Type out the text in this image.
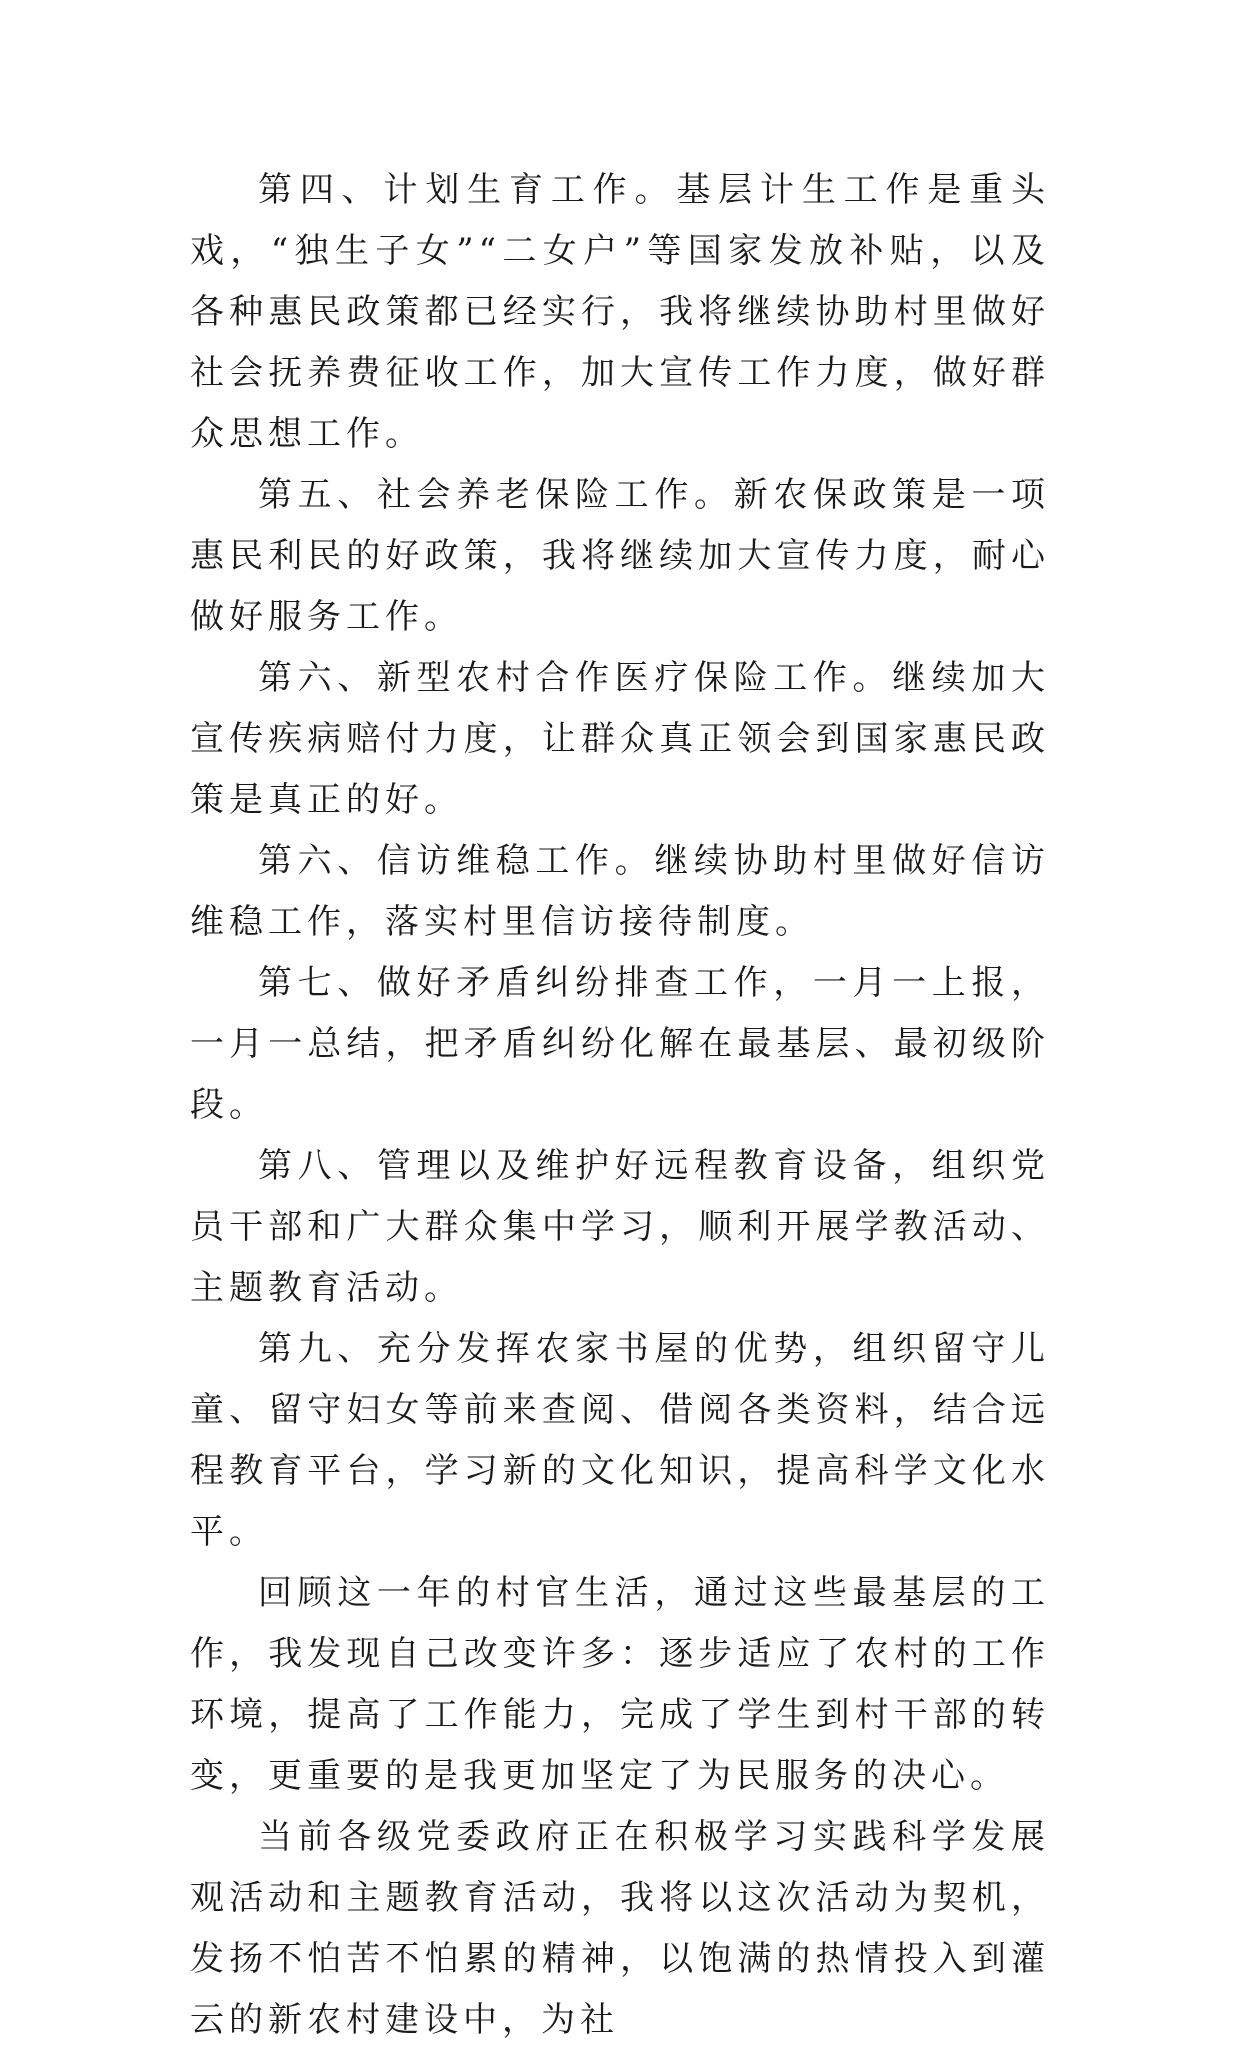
第四、计划生育工作。基层计生工作是重头戏，“独生子女”“二女户”等国家发放补贴，以及各种惠民政策都已经实行，我将继续协助村里做好社会抚养费征收工作，加大宣传工作力度，做好群众思想工作。

第五、社会养老保险工作。新农保政策是一项惠民利民的好政策，我将继续加大宣传力度，耐心做好服务工作。

第六、新型农村合作医疗保险工作。继续加大宣传疾病赔付力度，让群众真正领会到国家惠民政策是真正的好。

第六、信访维稳工作。继续协助村里做好信访维稳工作，落实村里信访接待制度。

第七、做好矛盾纠纷排查工作，一月一上报，一月一总结，把矛盾纠纷化解在最基层、最初级阶段。

第八、管理以及维护好远程教育设备，组织党员干部和广大群众集中学习，顺利开展学教活动、主题教育活动。

第九、充分发挥农家书屋的优势，组织留守儿童、留守妇女等前来查阅、借阅各类资料，结合远程教育平台，学习新的文化知识，提高科学文化水平。

回顾这一年的村官生活，通过这些最基层的工作，我发现自己改变许多：逐步适应了农村的工作环境，提高了工作能力，完成了学生到村干部的转变，更重要的是我更加坚定了为民服务的决心。

当前各级党委政府正在积极学习实践科学发展观活动和主题教育活动，我将以这次活动为契机，发扬不怕苦不怕累的精神，以饱满的热情投入到灌云的新农村建设中，为社
